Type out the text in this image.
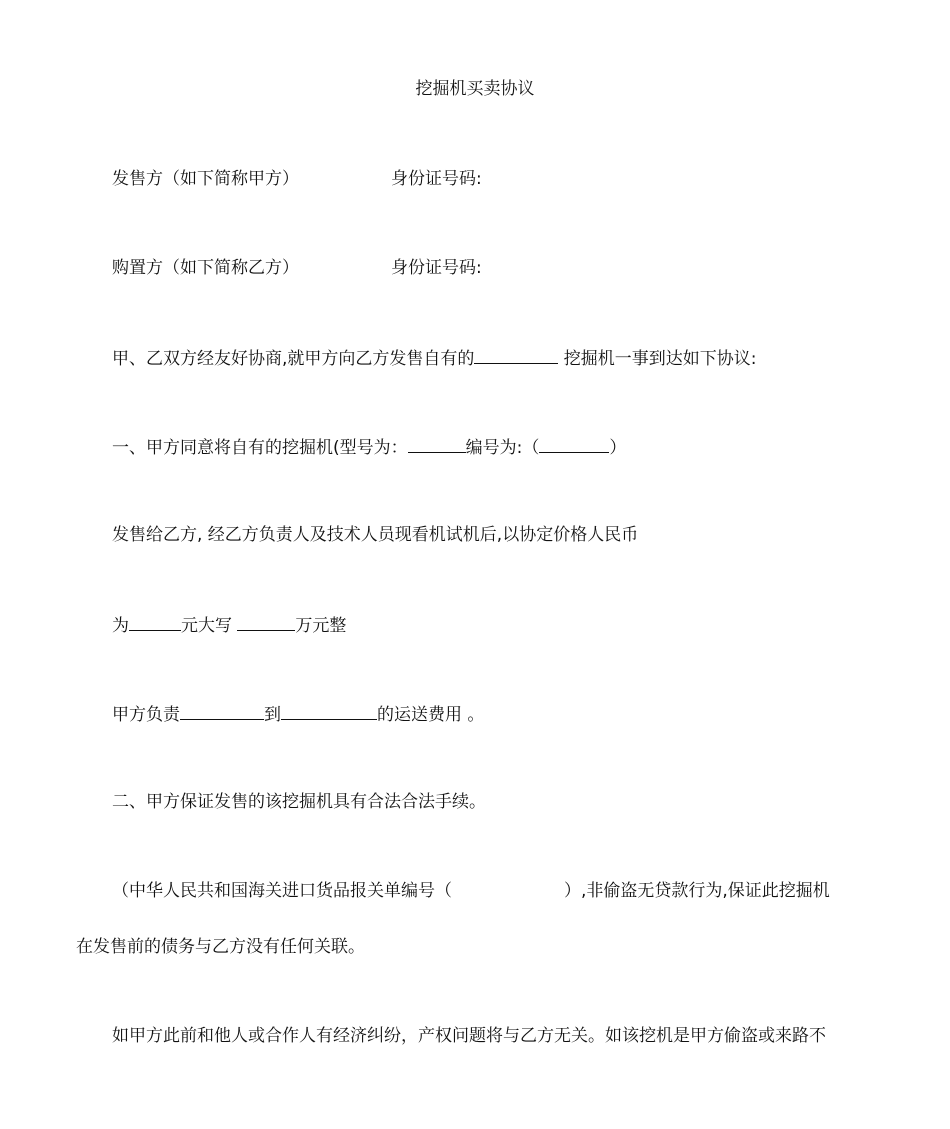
挖掘机买卖协议
发售方（如下简称甲方）	身份证号码:
购置方（如下简称乙方）	身份证号码:
甲、乙双方经友好协商,就甲方向乙方发售自有的	挖掘机一事到达如下协议:
一、甲方同意将自有的挖掘机(型号为：	编号为:（	）
发售给乙方, 经乙方负责人及技术人员现看机试机后,以协定价格人民币
为	元大写	万元整
甲方负责	到	的运送费用 。
二、甲方保证发售的该挖掘机具有合法合法手续。
（中华人民共和国海关进口货品报关单编号（	）,非偷盗无贷款行为,保证此挖掘机
在发售前的债务与乙方没有任何关联。
如甲方此前和他人或合作人有经济纠纷，产权问题将与乙方无关。如该挖机是甲方偷盗或来路不
